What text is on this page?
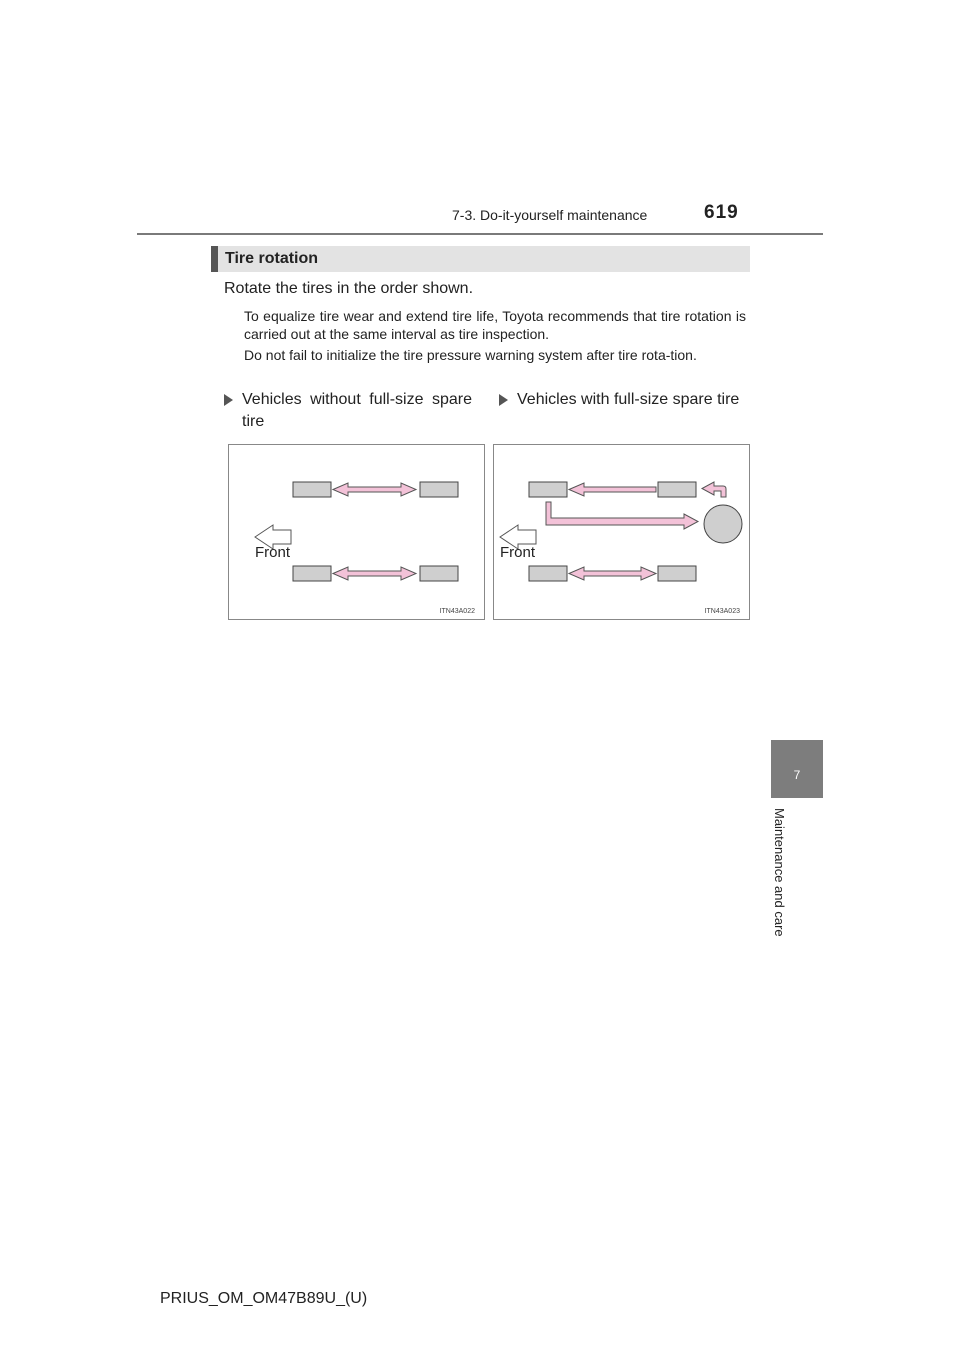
7-3. Do-it-yourself maintenance	619
Tire rotation
Rotate the tires in the order shown.
To equalize tire wear and extend tire life, Toyota recommends that tire rotation is carried out at the same interval as tire inspection.
Do not fail to initialize the tire pressure warning system after tire rota-tion.
Vehicles without full-size spare tire
Vehicles with full-size spare tire
Front
ITN43A022
Front
ITN43A023
7
Maintenance and care
PRIUS_OM_OM47B89U_(U)
